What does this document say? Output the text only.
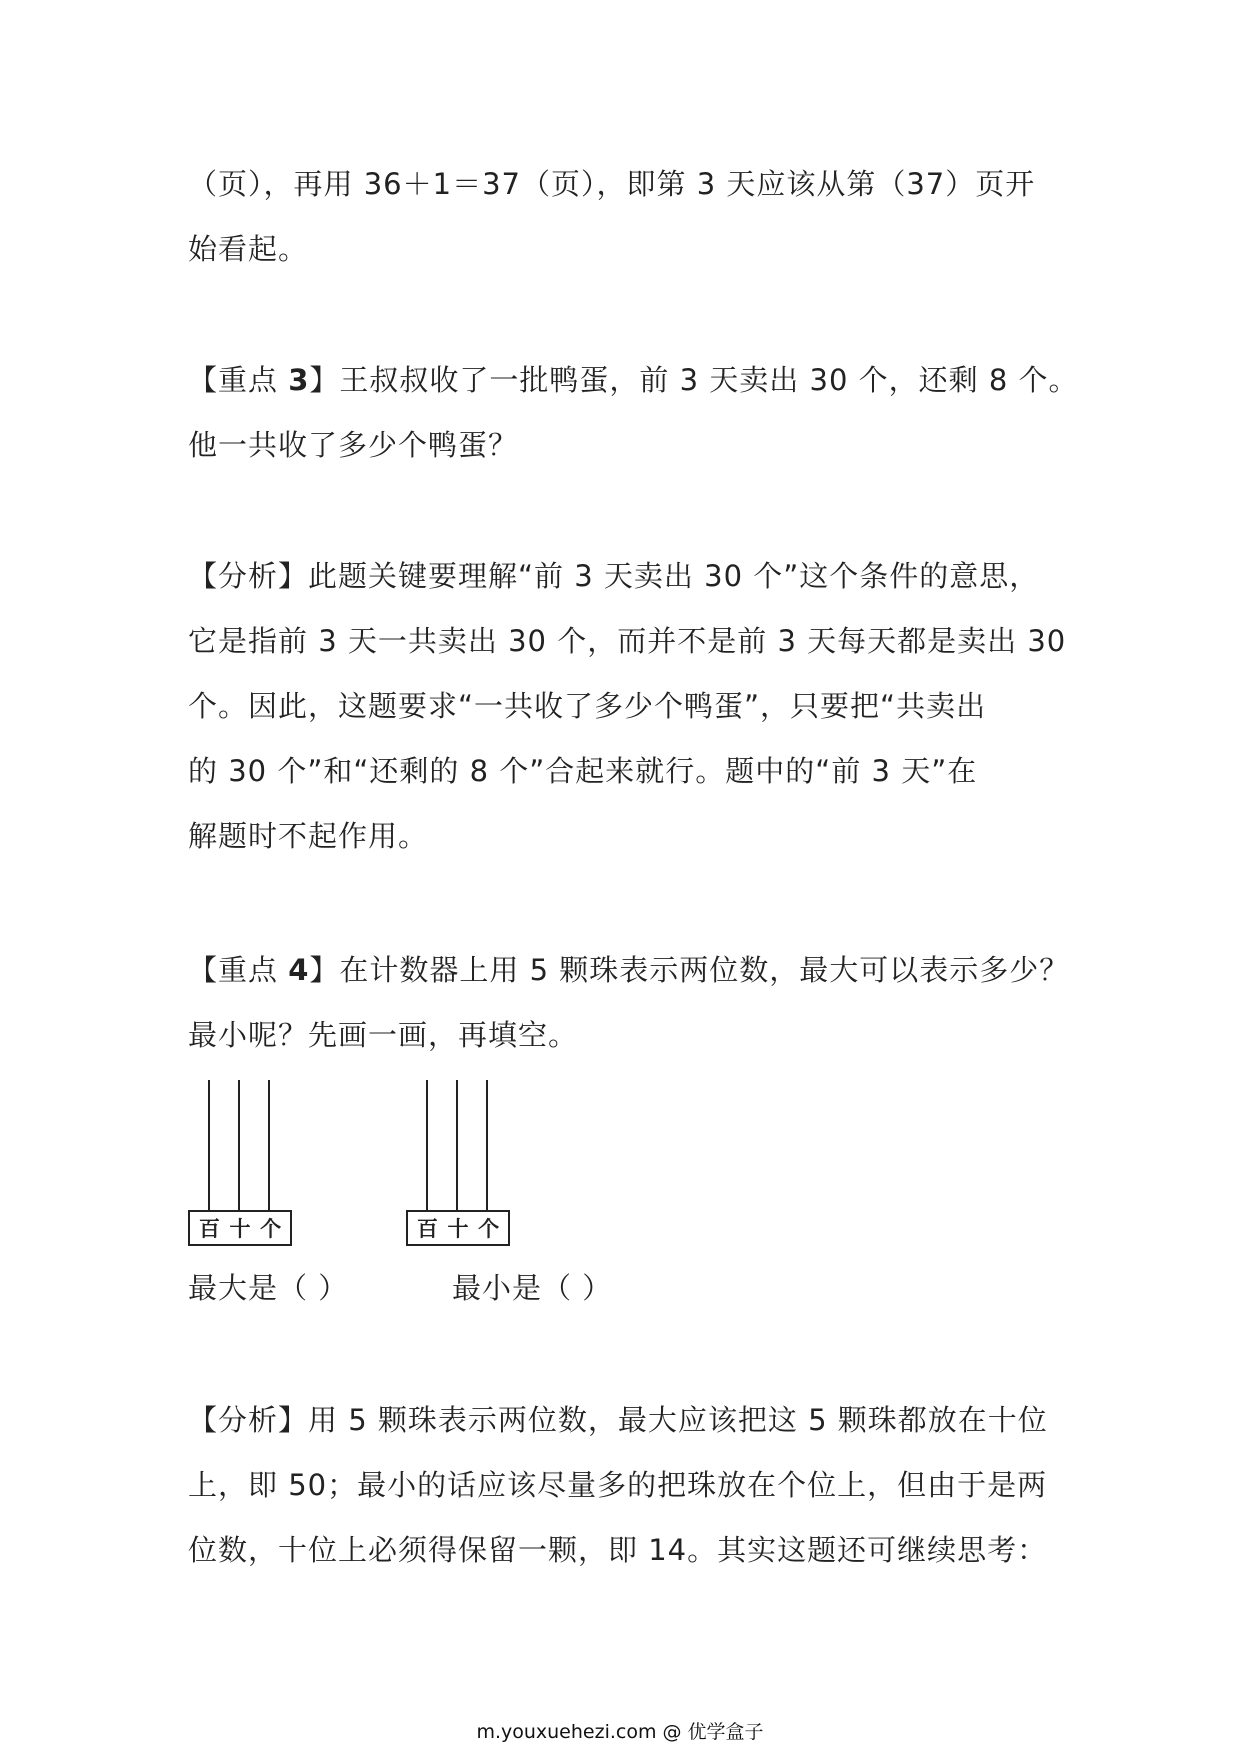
（页），再用 36＋1＝37（页），即第 3 天应该从第（37）页开
始看起。
【重点 3】王叔叔收了一批鸭蛋，前 3 天卖出 30 个，还剩 8 个。
他一共收了多少个鸭蛋？
【分析】此题关键要理解“前 3 天卖出 30 个”这个条件的意思，
它是指前 3 天一共卖出 30 个，而并不是前 3 天每天都是卖出 30
个。因此，这题要求“一共收了多少个鸭蛋”，只要把“共卖出
的 30 个”和“还剩的 8 个”合起来就行。题中的“前 3 天”在
解题时不起作用。
【重点 4】在计数器上用 5 颗珠表示两位数，最大可以表示多少？
最小呢？先画一画，再填空。
百 十 个	百 十 个
最大是（ ）	最小是（ ）
【分析】用 5 颗珠表示两位数，最大应该把这 5 颗珠都放在十位
上，即 50；最小的话应该尽量多的把珠放在个位上，但由于是两
位数，十位上必须得保留一颗，即 14。其实这题还可继续思考：
m.youxuehezi.com @ 优学盒子
